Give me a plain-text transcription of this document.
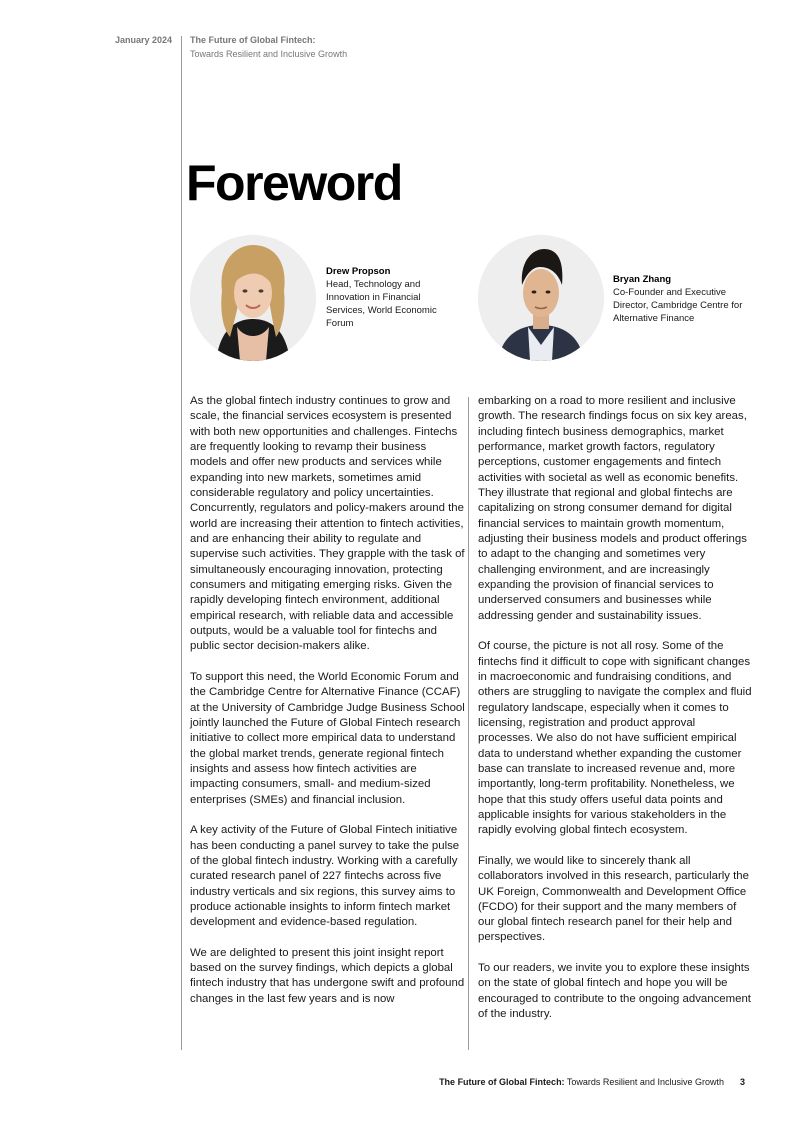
January 2024 The Future of Global Fintech:
Towards Resilient and Inclusive Growth
Foreword
Drew Propson
Head, Technology and Innovation in Financial Services, World Economic Forum
Bryan Zhang
Co-Founder and Executive Director, Cambridge Centre for Alternative Finance

As the global fintech industry continues to grow and scale, the financial services ecosystem is presented with both new opportunities and challenges. Fintechs are frequently looking to revamp their business models and offer new products and services while expanding into new markets, sometimes amid considerable regulatory and policy uncertainties. Concurrently, regulators and policy-makers around the world are increasing their attention to fintech activities, and are enhancing their ability to regulate and supervise such activities. They grapple with the task of simultaneously encouraging innovation, protecting consumers and mitigating emerging risks. Given the rapidly developing fintech environment, additional empirical research, with reliable data and accessible outputs, would be a valuable tool for fintechs and public sector decision-makers alike.

To support this need, the World Economic Forum and the Cambridge Centre for Alternative Finance (CCAF) at the University of Cambridge Judge Business School jointly launched the Future of Global Fintech research initiative to collect more empirical data to understand the global market trends, generate regional fintech insights and assess how fintech activities are impacting consumers, small- and medium-sized enterprises (SMEs) and financial inclusion.

A key activity of the Future of Global Fintech initiative has been conducting a panel survey to take the pulse of the global fintech industry. Working with a carefully curated research panel of 227 fintechs across five industry verticals and six regions, this survey aims to produce actionable insights to inform fintech market development and evidence-based regulation.

We are delighted to present this joint insight report based on the survey findings, which depicts a global fintech industry that has undergone swift and profound changes in the last few years and is now

embarking on a road to more resilient and inclusive growth. The research findings focus on six key areas, including fintech business demographics, market performance, market growth factors, regulatory perceptions, customer engagements and fintech activities with societal as well as economic benefits. They illustrate that regional and global fintechs are capitalizing on strong consumer demand for digital financial services to maintain growth momentum, adjusting their business models and product offerings to adapt to the changing and sometimes very challenging environment, and are increasingly expanding the provision of financial services to underserved consumers and businesses while addressing gender and sustainability issues.

Of course, the picture is not all rosy. Some of the fintechs find it difficult to cope with significant changes in macroeconomic and fundraising conditions, and others are struggling to navigate the complex and fluid regulatory landscape, especially when it comes to licensing, registration and product approval processes. We also do not have sufficient empirical data to understand whether expanding the customer base can translate to increased revenue and, more importantly, long-term profitability. Nonetheless, we hope that this study offers useful data points and applicable insights for various stakeholders in the rapidly evolving global fintech ecosystem.

Finally, we would like to sincerely thank all collaborators involved in this research, particularly the UK Foreign, Commonwealth and Development Office (FCDO) for their support and the many members of our global fintech research panel for their help and perspectives.

To our readers, we invite you to explore these insights on the state of global fintech and hope you will be encouraged to contribute to the ongoing advancement of the industry.

The Future of Global Fintech: Towards Resilient and Inclusive Growth 3
